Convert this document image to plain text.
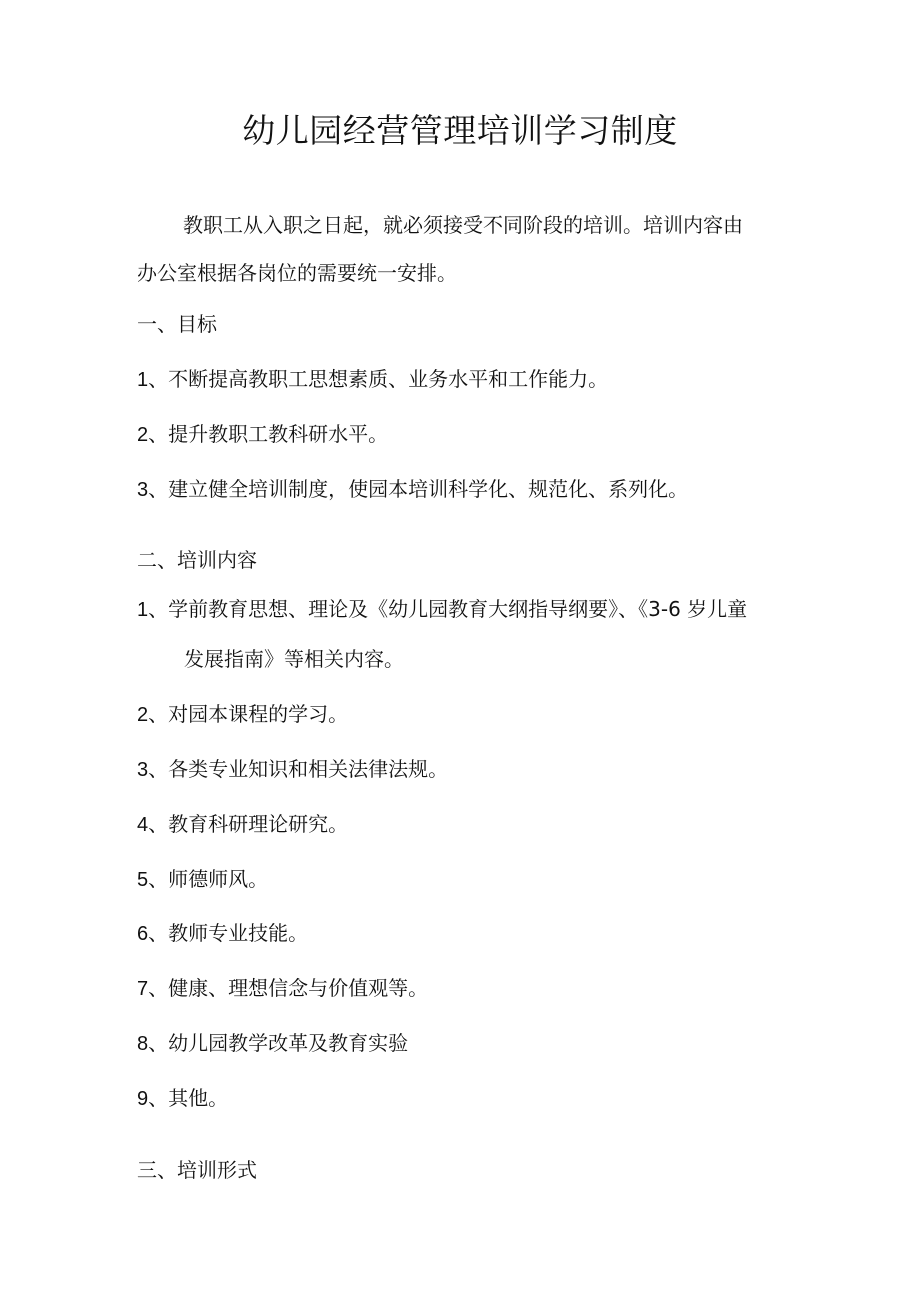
幼儿园经营管理培训学习制度

教职工从入职之日起，就必须接受不同阶段的培训。培训内容由

办公室根据各岗位的需要统一安排。

一、目标

1、不断提高教职工思想素质、业务水平和工作能力。

2、提升教职工教科研水平。

3、建立健全培训制度，使园本培训科学化、规范化、系列化。

二、培训内容

1、学前教育思想、理论及《幼儿园教育大纲指导纲要》、《3-6 岁儿童

发展指南》等相关内容。

2、对园本课程的学习。

3、各类专业知识和相关法律法规。

4、教育科研理论研究。

5、师德师风。

6、教师专业技能。

7、健康、理想信念与价值观等。

8、幼儿园教学改革及教育实验

9、其他。

三、培训形式
